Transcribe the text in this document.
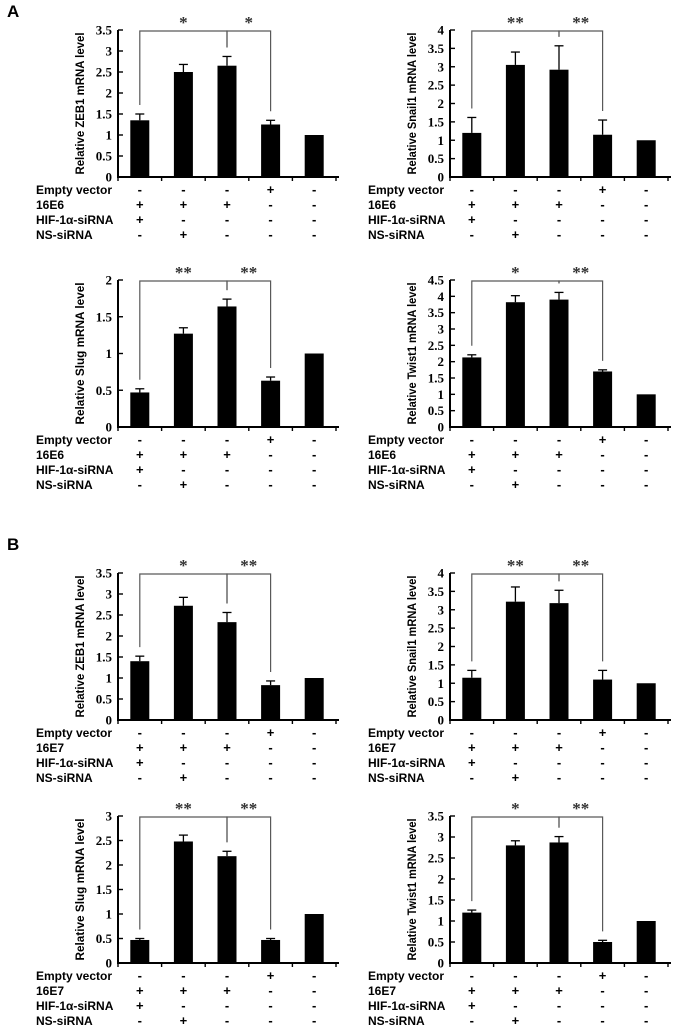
A
B
0
0.5
1
1.5
2
2.5
3
3.5
Relative ZEB1 mRNA level
*	*
Empty vector -	-	-	+	-
16E6	+	+	+	-	-
HIF-1α-siRNA +	-	-	-	-
NS-siRNA	-	+	-	-	-
0
0.5
1
1.5
2
2.5
3
3.5
4
Relative Snail1 mRNA level
**	**
Empty vector -	-	-	+	-
16E6	+	+	+	-	-
HIF-1α-siRNA +	-	-	-	-
NS-siRNA	-	+	-	-	-
0
0.5
1
1.5
2
Relative Slug mRNA level
**	**
Empty vector -	-	-	+	-
16E6	+	+	+	-	-
HIF-1α-siRNA +	-	-	-	-
NS-siRNA	-	+	-	-	-
0
0.5
1
1.5
2
2.5
3
3.5
4
4.5
Relative Twist1 mRNA level
*	**
Empty vector -	-	-	+	-
16E6	+	+	+	-	-
HIF-1α-siRNA +	-	-	-	-
NS-siRNA	-	+	-	-	-
0
0.5
1
1.5
2
2.5
3
3.5
Relative ZEB1 mRNA level
*	**
Empty vector -	-	-	+	-
16E7	+	+	+	-	-
HIF-1α-siRNA +	-	-	-	-
NS-siRNA	-	+	-	-	-
0
0.5
1
1.5
2
2.5
3
3.5
4
Relative Snail1 mRNA level
**	**
Empty vector -	-	-	+	-
16E7	+	+	+	-	-
HIF-1α-siRNA +	-	-	-	-
NS-siRNA	-	+	-	-	-
0
0.5
1
1.5
2
2.5
3
Relative Slug mRNA level
**	**
Empty vector -	-	-	+	-
16E7	+	+	+	-	-
HIF-1α-siRNA +	-	-	-	-
NS-siRNA	-	+	-	-	-
0
0.5
1
1.5
2
2.5
3
3.5
Relative Twist1 mRNA level
*	**
Empty vector -	-	-	+	-
16E7	+	+	+	-	-
HIF-1α-siRNA +	-	-	-	-
NS-siRNA	-	+	-	-	-
